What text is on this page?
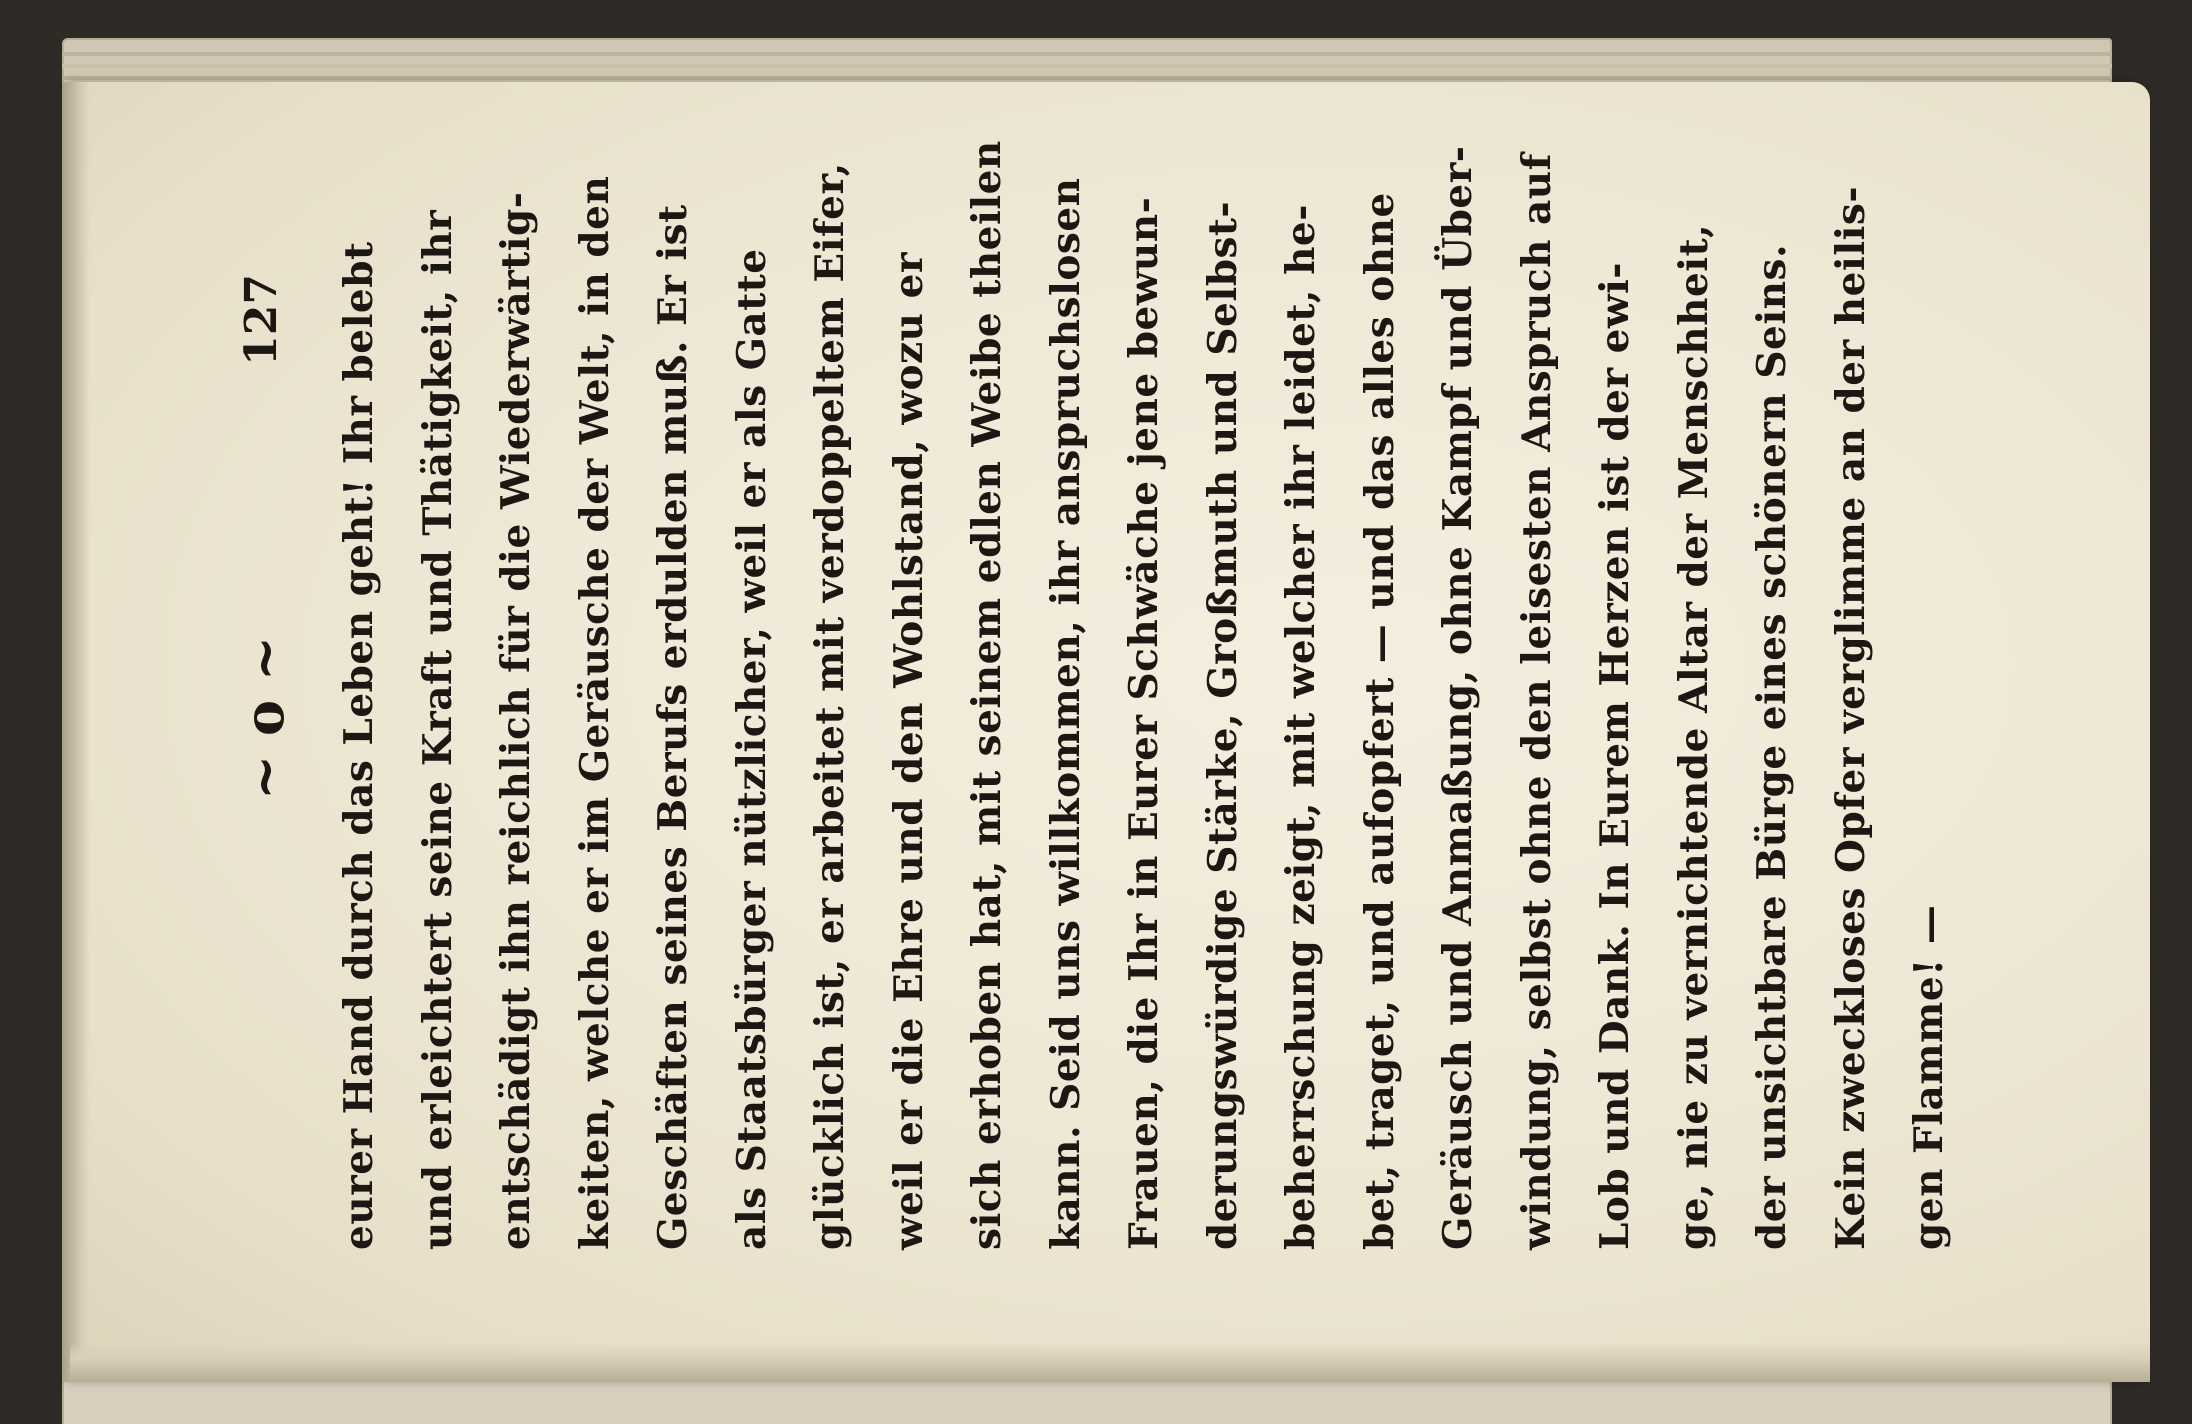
~ o ~
127	eurer Hand durch das Leben geht! Ihr belebt und erleichtert seine Kraft und Thätigkeit, ihr entschädigt ihn reichlich für die Wiederwärtig- keiten, welche er im Geräusche der Welt, in den Geschäften seines Berufs erdulden muß. Er ist als Staatsbürger nützlicher, weil er als Gatte glücklich ist, er arbeitet mit verdoppeltem Eifer, weil er die Ehre und den Wohlstand, wozu er sich erhoben hat, mit seinem edlen Weibe theilen kann. Seid uns willkommen, ihr anspruchslosen Frauen, die Ihr in Eurer Schwäche jene bewun- derungswürdige Stärke, Großmuth und Selbst- beherrschung zeigt, mit welcher ihr leidet, he- bet, traget, und aufopfert — und das alles ohne Geräusch und Anmaßung, ohne Kampf und Über- windung, selbst ohne den leisesten Anspruch auf Lob und Dank. In Eurem Herzen ist der ewi- ge, nie zu vernichtende Altar der Menschheit, der unsichtbare Bürge eines schönern Seins. Kein zweckloses Opfer verglimme an der heilis- gen Flamme! —
